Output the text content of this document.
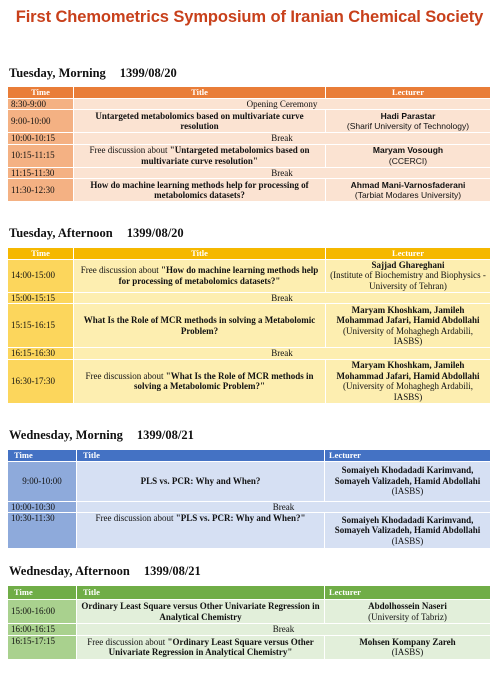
First Chemometrics Symposium of Iranian Chemical Society
Tuesday, Morning 1399/08/20
Time	Title	Lecturer
8:30-9:00	Opening Ceremony	
9:00-10:00	Untargeted metabolomics based on multivariate curve resolution	Hadi Parastar
(Sharif University of Technology)

10:00-10:15	Break	
10:15-11:15	Free discussion about "Untargeted metabolomics based on multivariate curve resolution"	Maryam Vosough
(CCERCI)

11:15-11:30	Break	
11:30-12:30	How do machine learning methods help for processing of metabolomics datasets?	Ahmad Mani-Varnosfaderani
(Tarbiat Modares University)
Tuesday, Afternoon 1399/08/20
Time	Title	Lecturer
14:00-15:00	Free discussion about "How do machine learning methods help for processing of metabolomics datasets?"	Sajjad Ghareghani
(Institute of Biochemistry and Biophysics - University of Tehran)

15:00-15:15	Break	
15:15-16:15	What Is the Role of MCR methods in solving a Metabolomic Problem?	Maryam Khoshkam, Jamileh Mohammad Jafari, Hamid Abdollahi
(University of Mohaghegh Ardabili, IASBS)

16:15-16:30	Break	
16:30-17:30	Free discussion about "What Is the Role of MCR methods in solving a Metabolomic Problem?"	Maryam Khoshkam, Jamileh Mohammad Jafari, Hamid Abdollahi
(University of Mohaghegh Ardabili, IASBS)
Wednesday, Morning 1399/08/21
Time	Title	Lecturer
9:00-10:00	PLS vs. PCR: Why and When?	Somaiyeh Khodadadi Karimvand, Somayeh Valizadeh, Hamid Abdollahi
(IASBS)

10:00-10:30	Break	
10:30-11:30	Free discussion about "PLS vs. PCR: Why and When?"	Somaiyeh Khodadadi Karimvand, Somayeh Valizadeh, Hamid Abdollahi
(IASBS)
Wednesday, Afternoon 1399/08/21
Time	Title	Lecturer
15:00-16:00	Ordinary Least Square versus Other Univariate Regression in Analytical Chemistry	Abdolhossein Naseri
(University of Tabriz)

16:00-16:15	Break	
16:15-17:15	Free discussion about "Ordinary Least Square versus Other Univariate Regression in Analytical Chemistry"	Mohsen Kompany Zareh
(IASBS)
